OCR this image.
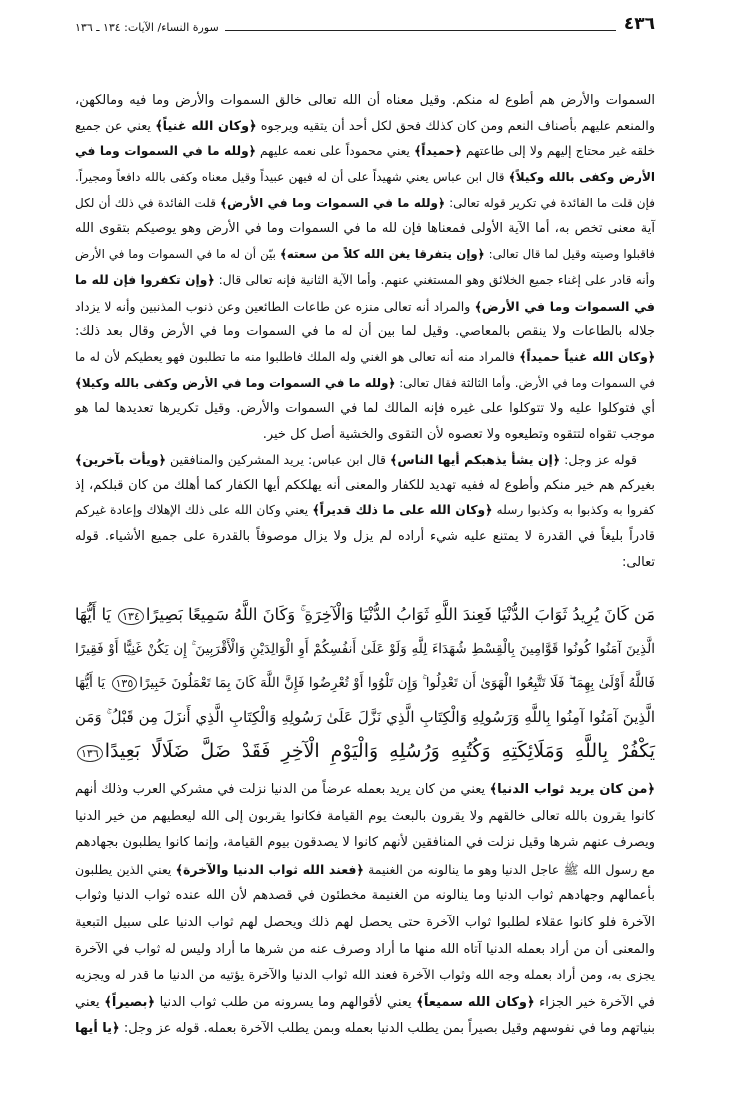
٤٣٦
سورة النساء/ الآيات: ١٣٤ ـ ١٣٦
السموات والأرض هم أطوع له منكم. وقيل معناه أن الله تعالى خالق السموات والأرض وما فيه ومالكهن،
والمنعم عليهم بأصناف النعم ومن كان كذلك فحق لكل أحد أن يتقيه ويرجوه ﴿وكان الله غنياً﴾ يعني عن جميع
خلقه غير محتاج إليهم ولا إلى طاعتهم ﴿حميداً﴾ يعني محموداً على نعمه عليهم ﴿ولله ما في السموات وما في
الأرض وكفى بالله وكيلاً﴾ قال ابن عباس يعني شهيداً على أن له فيهن عبيداً وقيل معناه وكفى بالله دافعاً ومجيراً.
فإن قلت ما الفائدة في تكرير قوله تعالى: ﴿ولله ما في السموات وما في الأرض﴾ قلت الفائدة في ذلك أن لكل
آية معنى تخص به، أما الآية الأولى فمعناها فإن لله ما في السموات وما في الأرض وهو يوصيكم بتقوى الله
فاقبلوا وصيته وقيل لما قال تعالى: ﴿وإن يتفرقا يغن الله كلاً من سعته﴾ بيّن أن له ما في السموات وما في الأرض
وأنه قادر على إغناء جميع الخلائق وهو المستغني عنهم. وأما الآية الثانية فإنه تعالى قال: ﴿وإن تكفروا فإن لله ما
في السموات وما في الأرض﴾ والمراد أنه تعالى منزه عن طاعات الطائعين وعن ذنوب المذنبين وأنه لا يزداد
جلاله بالطاعات ولا ينقص بالمعاصي. وقيل لما بين أن له ما في السموات وما في الأرض وقال بعد ذلك:
﴿وكان الله غنياً حميداً﴾ فالمراد منه أنه تعالى هو الغني وله الملك فاطلبوا منه ما تطلبون فهو يعطيكم لأن له ما
في السموات وما في الأرض. وأما الثالثة فقال تعالى: ﴿ولله ما في السموات وما في الأرض وكفى بالله وكيلا﴾
أي فتوكلوا عليه ولا تتوكلوا على غيره فإنه المالك لما في السموات والأرض. وقيل تكريرها تعديدها لما هو
موجب تقواه لتتقوه وتطيعوه ولا تعصوه لأن التقوى والخشية أصل كل خير.
قوله عز وجل: ﴿إن يشأ يذهبكم أيها الناس﴾ قال ابن عباس: يريد المشركين والمنافقين ﴿ويأت بآخرين﴾
بغيركم هم خير منكم وأطوع له ففيه تهديد للكفار والمعنى أنه يهلككم أيها الكفار كما أهلك من كان قبلكم، إذ
كفروا به وكذبوا به وكذبوا رسله ﴿وكان الله على ما ذلك قديراً﴾ يعني وكان الله على ذلك الإهلاك وإعادة غيركم
قادراً بليغاً في القدرة لا يمتنع عليه شيء أراده لم يزل ولا يزال موصوفاً بالقدرة على جميع الأشياء. قوله
تعالى:
مَن كَانَ يُرِيدُ ثَوَابَ الدُّنْيَا فَعِندَ اللَّهِ ثَوَابُ الدُّنْيَا وَالْآخِرَةِ ۚ وَكَانَ اللَّهُ سَمِيعًا بَصِيرًا١٣٤ يَا أَيُّهَا
الَّذِينَ آمَنُوا كُونُوا قَوَّامِينَ بِالْقِسْطِ شُهَدَاءَ لِلَّهِ وَلَوْ عَلَىٰ أَنفُسِكُمْ أَوِ الْوَالِدَيْنِ وَالْأَقْرَبِينَ ۚ إِن يَكُنْ غَنِيًّا أَوْ فَقِيرًا
فَاللَّهُ أَوْلَىٰ بِهِمَا ۖ فَلَا تَتَّبِعُوا الْهَوَىٰ أَن تَعْدِلُوا ۚ وَإِن تَلْوُوا أَوْ تُعْرِضُوا فَإِنَّ اللَّهَ كَانَ بِمَا تَعْمَلُونَ خَبِيرًا١٣٥ يَا أَيُّهَا
الَّذِينَ آمَنُوا آمِنُوا بِاللَّهِ وَرَسُولِهِ وَالْكِتَابِ الَّذِي نَزَّلَ عَلَىٰ رَسُولِهِ وَالْكِتَابِ الَّذِي أَنزَلَ مِن قَبْلُ ۚ وَمَن
يَكْفُرْ بِاللَّهِ وَمَلَائِكَتِهِ وَكُتُبِهِ وَرُسُلِهِ وَالْيَوْمِ الْآخِرِ فَقَدْ ضَلَّ ضَلَالًا بَعِيدًا١٣٦
﴿من كان يريد ثواب الدنيا﴾ يعني من كان يريد بعمله عرضاً من الدنيا نزلت في مشركي العرب وذلك أنهم
كانوا يقرون بالله تعالى خالقهم ولا يقرون بالبعث يوم القيامة فكانوا يقربون إلى الله ليعطيهم من خير الدنيا
ويصرف عنهم شرها وقيل نزلت في المنافقين لأنهم كانوا لا يصدقون بيوم القيامة، وإنما كانوا يطلبون بجهادهم
مع رسول الله ﷺ عاجل الدنيا وهو ما ينالونه من الغنيمة ﴿فعند الله ثواب الدنيا والآخرة﴾ يعني الذين يطلبون
بأعمالهم وجهادهم ثواب الدنيا وما ينالونه من الغنيمة مخطئون في قصدهم لأن الله عنده ثواب الدنيا وثواب
الآخرة فلو كانوا عقلاء لطلبوا ثواب الآخرة حتى يحصل لهم ذلك ويحصل لهم ثواب الدنيا على سبيل التبعية
والمعنى أن من أراد بعمله الدنيا آتاه الله منها ما أراد وصرف عنه من شرها ما أراد وليس له ثواب في الآخرة
يجزى به، ومن أراد بعمله وجه الله وثواب الآخرة فعند الله ثواب الدنيا والآخرة يؤتيه من الدنيا ما قدر له ويجزيه
في الآخرة خير الجزاء ﴿وكان الله سميعاً﴾ يعني لأقوالهم وما يسرونه من طلب ثواب الدنيا ﴿بصيراً﴾ يعني
بنياتهم وما في نفوسهم وقيل بصيراً بمن يطلب الدنيا بعمله وبمن يطلب الآخرة بعمله. قوله عز وجل: ﴿يا أيها
